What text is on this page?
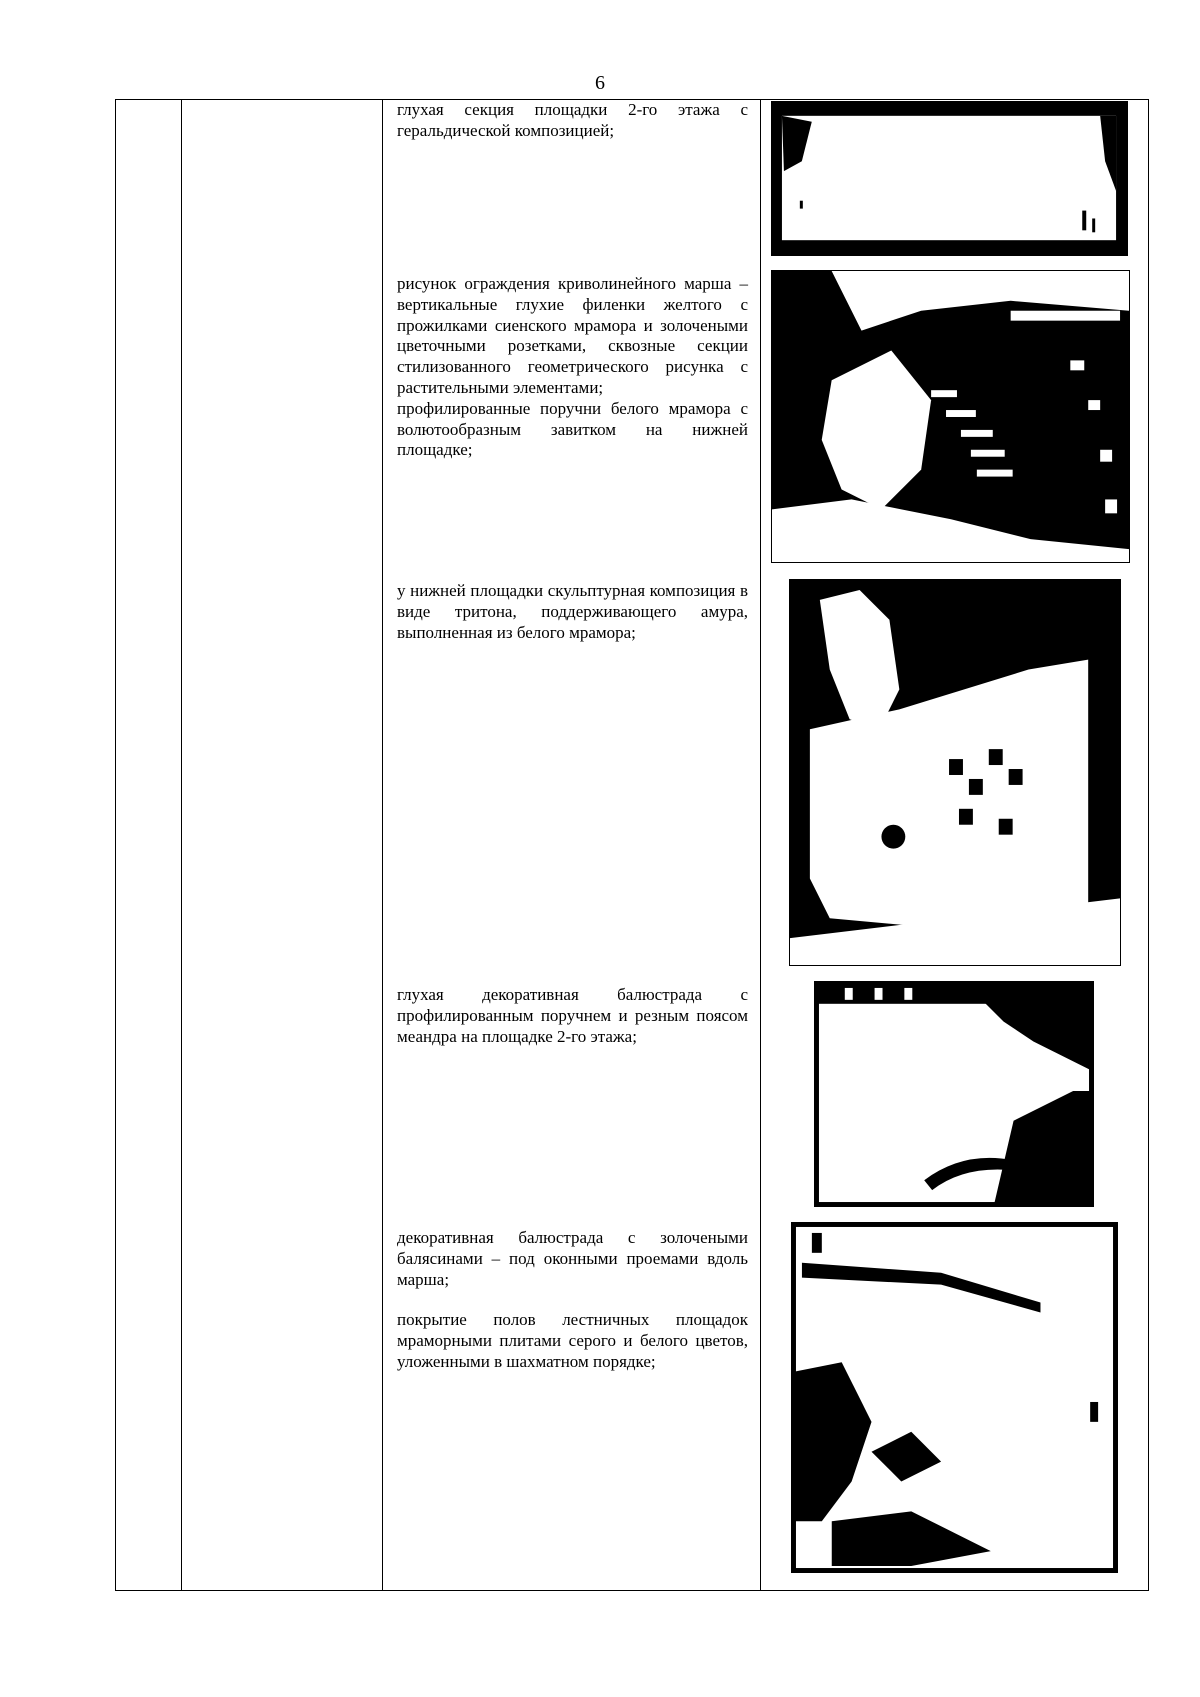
6

глухая секция площадки 2-го этажа с геральдической композицией;

рисунок ограждения криволинейного марша – вертикальные глухие филенки желтого с прожилками сиенского мрамора и золочеными цветочными розетками, сквозные секции стилизованного геометрического рисунка с растительными элементами;

профилированные поручни белого мрамора с волютообразным завитком на нижней площадке;

у нижней площадки скульптурная композиция в виде тритона, поддерживающего амура, выполненная из белого мрамора;

глухая декоративная балюстрада с профилированным поручнем и резным поясом меандра на площадке 2-го этажа;

декоративная балюстрада с золочеными балясинами – под оконными проемами вдоль марша;

покрытие полов лестничных площадок мраморными плитами серого и белого цветов, уложенными в шахматном порядке;
